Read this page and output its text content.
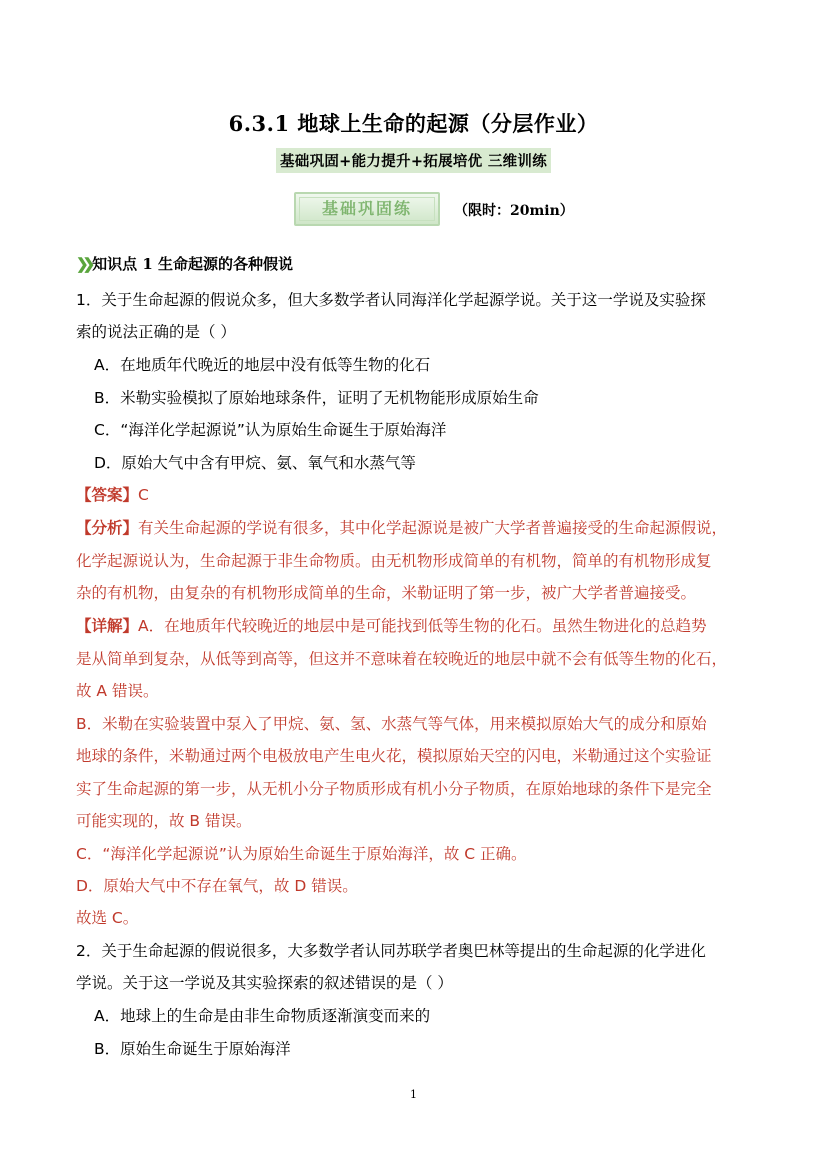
6.3.1 地球上生命的起源（分层作业）
基础巩固+能力提升+拓展培优 三维训练
基础巩固练	（限时：20min）
❯❯ 知识点 1 生命起源的各种假说
1．关于生命起源的假说众多，但大多数学者认同海洋化学起源学说。关于这一学说及实验探
索的说法正确的是（ ）
A．在地质年代晚近的地层中没有低等生物的化石
B．米勒实验模拟了原始地球条件，证明了无机物能形成原始生命
C．“海洋化学起源说”认为原始生命诞生于原始海洋
D．原始大气中含有甲烷、氨、氧气和水蒸气等
【答案】C
【分析】有关生命起源的学说有很多，其中化学起源说是被广大学者普遍接受的生命起源假说，
化学起源说认为，生命起源于非生命物质。由无机物形成简单的有机物，简单的有机物形成复
杂的有机物，由复杂的有机物形成简单的生命，米勒证明了第一步，被广大学者普遍接受。
【详解】A．在地质年代较晚近的地层中是可能找到低等生物的化石。虽然生物进化的总趋势
是从简单到复杂，从低等到高等，但这并不意味着在较晚近的地层中就不会有低等生物的化石，
故 A 错误。
B．米勒在实验装置中泵入了甲烷、氨、氢、水蒸气等气体，用来模拟原始大气的成分和原始
地球的条件，米勒通过两个电极放电产生电火花，模拟原始天空的闪电，米勒通过这个实验证
实了生命起源的第一步，从无机小分子物质形成有机小分子物质，在原始地球的条件下是完全
可能实现的，故 B 错误。
C．“海洋化学起源说”认为原始生命诞生于原始海洋，故 C 正确。
D．原始大气中不存在氧气，故 D 错误。
故选 C。
2．关于生命起源的假说很多，大多数学者认同苏联学者奥巴林等提出的生命起源的化学进化
学说。关于这一学说及其实验探索的叙述错误的是（ ）
A．地球上的生命是由非生命物质逐渐演变而来的
B．原始生命诞生于原始海洋
1
